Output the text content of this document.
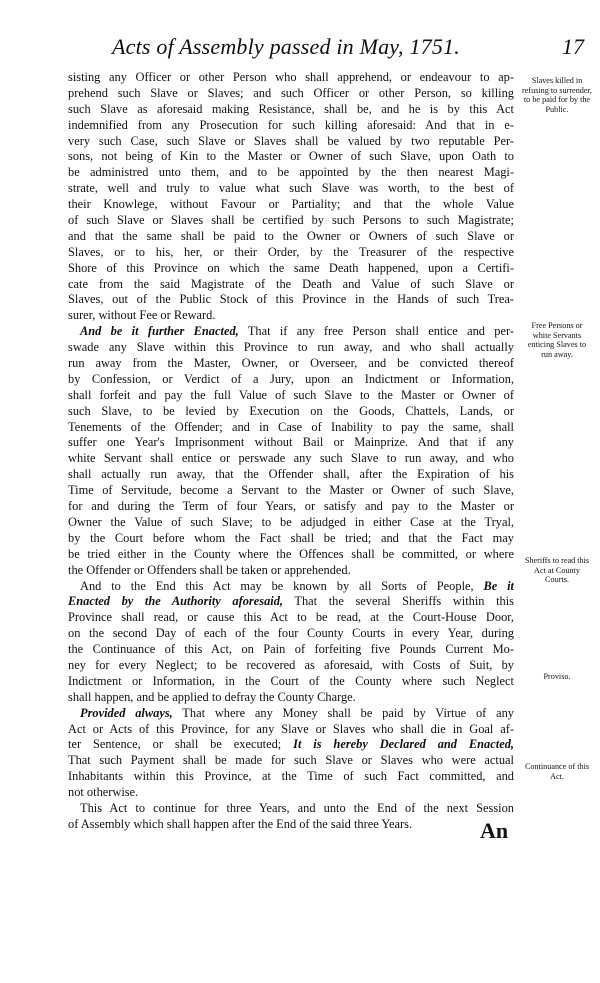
Acts of Assembly passed in May, 1751.	17
sisting any Officer or other Person who shall apprehend, or endeavour to ap-
prehend such Slave or Slaves; and such Officer or other Person, so killing
such Slave as aforesaid making Resistance, shall be, and he is by this Act
indemnified from any Prosecution for such killing aforesaid: And that in e-
very such Case, such Slave or Slaves shall be valued by two reputable Per-
sons, not being of Kin to the Master or Owner of such Slave, upon Oath to
be administred unto them, and to be appointed by the then nearest Magi-
strate, well and truly to value what such Slave was worth, to the best of
their Knowlege, without Favour or Partiality; and that the whole Value
of such Slave or Slaves shall be certified by such Persons to such Magistrate;
and that the same shall be paid to the Owner or Owners of such Slave or
Slaves, or to his, her, or their Order, by the Treasurer of the respective
Shore of this Province on which the same Death happened, upon a Certifi-
cate from the said Magistrate of the Death and Value of such Slave or
Slaves, out of the Public Stock of this Province in the Hands of such Trea-
surer, without Fee or Reward.
And be it further Enacted, That if any free Person shall entice and per-
swade any Slave within this Province to run away, and who shall actually
run away from the Master, Owner, or Overseer, and be convicted thereof
by Confession, or Verdict of a Jury, upon an Indictment or Information,
shall forfeit and pay the full Value of such Slave to the Master or Owner of
such Slave, to be levied by Execution on the Goods, Chattels, Lands, or
Tenements of the Offender; and in Case of Inability to pay the same, shall
suffer one Year's Imprisonment without Bail or Mainprize. And that if any
white Servant shall entice or perswade any such Slave to run away, and who
shall actually run away, that the Offender shall, after the Expiration of his
Time of Servitude, become a Servant to the Master or Owner of such Slave,
for and during the Term of four Years, or satisfy and pay to the Master or
Owner the Value of such Slave; to be adjudged in either Case at the Tryal,
by the Court before whom the Fact shall be tried; and that the Fact may
be tried either in the County where the Offences shall be committed, or where
the Offender or Offenders shall be taken or apprehended.
And to the End this Act may be known by all Sorts of People, Be it
Enacted by the Authority aforesaid, That the several Sheriffs within this
Province shall read, or cause this Act to be read, at the Court-House Door,
on the second Day of each of the four County Courts in every Year, during
the Continuance of this Act, on Pain of forfeiting five Pounds Current Mo-
ney for every Neglect; to be recovered as aforesaid, with Costs of Suit, by
Indictment or Information, in the Court of the County where such Neglect
shall happen, and be applied to defray the County Charge.
Provided always, That where any Money shall be paid by Virtue of any
Act or Acts of this Province, for any Slave or Slaves who shall die in Goal af-
ter Sentence, or shall be executed; It is hereby Declared and Enacted,
That such Payment shall be made for such Slave or Slaves who were actual
Inhabitants within this Province, at the Time of such Fact committed, and
not otherwise.
This Act to continue for three Years, and unto the End of the next Session
of Assembly which shall happen after the End of the said three Years.
Slaves killed in refusing to surrender, to be paid for by the Public.
Free Persons or white Servants enticing Slaves to run away.
Sheriffs to read this Act at County Courts.
Proviso.
Continuance of this Act.
An
